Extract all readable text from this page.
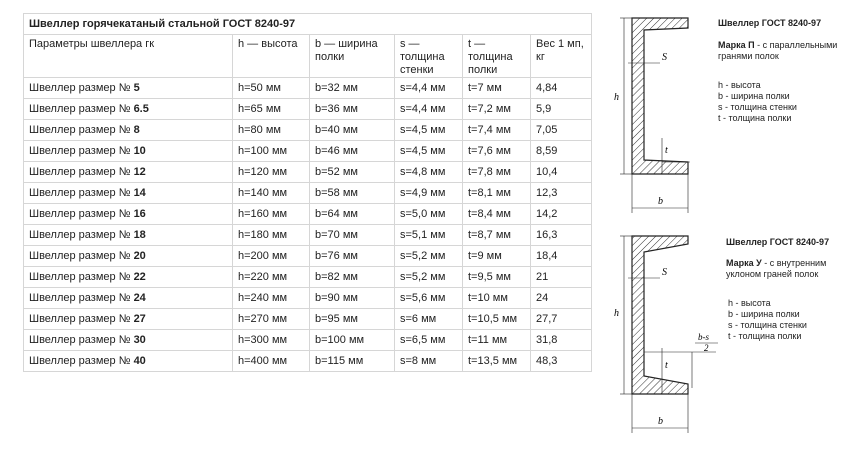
Швеллер горячекатаный стальной ГОСТ 8240-97					
Параметры швеллера гк	h — высота	b — ширина полки	s — толщина стенки	t — толщина полки	Вес 1 мп, кг
Швеллер размер № 5	h=50 мм	b=32 мм	s=4,4 мм	t=7 мм	4,84
Швеллер размер № 6.5	h=65 мм	b=36 мм	s=4,4 мм	t=7,2 мм	5,9
Швеллер размер № 8	h=80 мм	b=40 мм	s=4,5 мм	t=7,4 мм	7,05
Швеллер размер № 10	h=100 мм	b=46 мм	s=4,5 мм	t=7,6 мм	8,59
Швеллер размер № 12	h=120 мм	b=52 мм	s=4,8 мм	t=7,8 мм	10,4
Швеллер размер № 14	h=140 мм	b=58 мм	s=4,9 мм	t=8,1 мм	12,3
Швеллер размер № 16	h=160 мм	b=64 мм	s=5,0 мм	t=8,4 мм	14,2
Швеллер размер № 18	h=180 мм	b=70 мм	s=5,1 мм	t=8,7 мм	16,3
Швеллер размер № 20	h=200 мм	b=76 мм	s=5,2 мм	t=9 мм	18,4
Швеллер размер № 22	h=220 мм	b=82 мм	s=5,2 мм	t=9,5 мм	21
Швеллер размер № 24	h=240 мм	b=90 мм	s=5,6 мм	t=10 мм	24
Швеллер размер № 27	h=270 мм	b=95 мм	s=6 мм	t=10,5 мм	27,7
Швеллер размер № 30	h=300 мм	b=100 мм	s=6,5 мм	t=11 мм	31,8
Швеллер размер № 40	h=400 мм	b=115 мм	s=8 мм	t=13,5 мм	48,3
h
b
S
t
Швеллер ГОСТ 8240-97
Марка П - с параллельными гранями полок
h - высота
b - ширина полки
s - толщина стенки
t - толщина полки
h
b
S
t
b-s
2
Швеллер ГОСТ 8240-97
Марка У - с внутренним уклоном граней полок
h - высота
b - ширина полки
s - толщина стенки
t - толщина полки
